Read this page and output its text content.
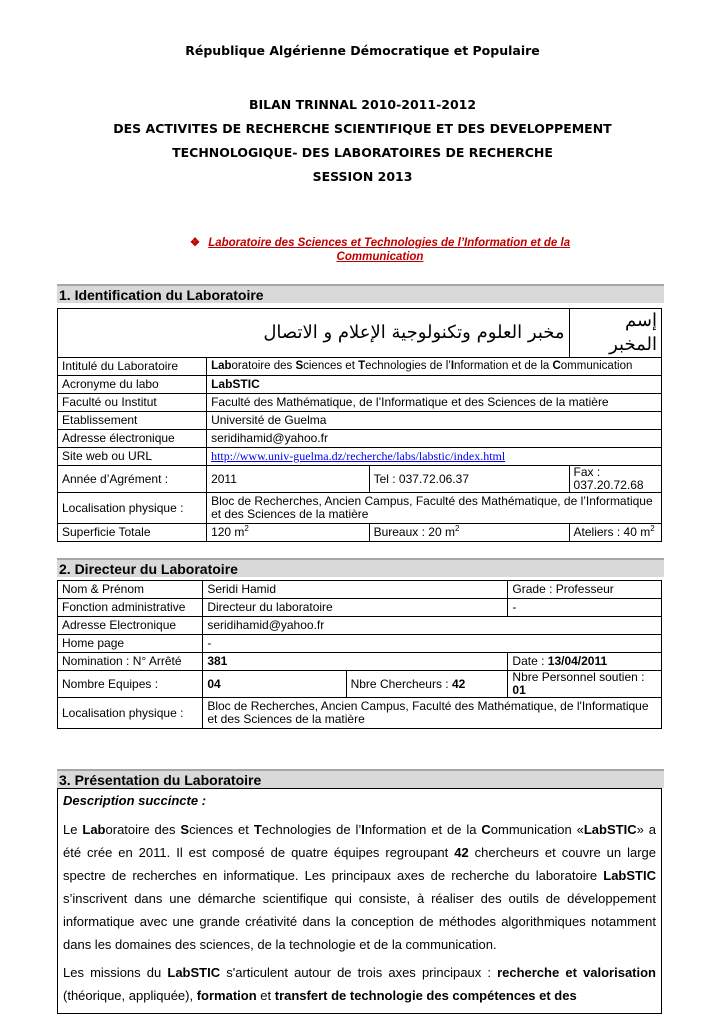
République Algérienne Démocratique et Populaire
BILAN TRINNAL 2010-2011-2012
DES ACTIVITES DE RECHERCHE SCIENTIFIQUE ET DES DEVELOPPEMENT
TECHNOLOGIQUE- DES LABORATOIRES DE RECHERCHE
SESSION 2013
❖ Laboratoire des Sciences et Technologies de l’Information et de la Communication
1. Identification du Laboratoire
مخبر العلوم وتكنولوجية الإعلام و الاتصال			إسم المخبر
Intitulé du Laboratoire	Laboratoire des Sciences et Technologies de l’Information et de la Communication		
Acronyme du labo	LabSTIC		
Faculté ou Institut	Faculté des Mathématique, de l’Informatique et des Sciences de la matière		
Etablissement	Université de Guelma		
Adresse électronique	seridihamid@yahoo.fr		
Site web ou URL	http://www.univ-guelma.dz/recherche/labs/labstic/index.html		
Année d’Agrément :	2011	Tel : 037.72.06.37	Fax : 037.20.72.68
Localisation physique :	Bloc de Recherches, Ancien Campus, Faculté des Mathématique, de l’Informatique et des Sciences de la matière		
Superficie Totale	120 $m^2$	Bureaux : 20 $m^2$	Ateliers : 40 $m^2$
2. Directeur du Laboratoire
Nom & Prénom	Seridi Hamid		Grade : Professeur
Fonction administrative	Directeur du laboratoire		-
Adresse Electronique	seridihamid@yahoo.fr		
Home page	-		
Nomination : N° Arrêté	381		Date : 13/04/2011
Nombre Equipes :	04	Nbre Chercheurs : 42	Nbre Personnel soutien : 01
Localisation physique :	Bloc de Recherches, Ancien Campus, Faculté des Mathématique, de l'Informatique et des Sciences de la matière		
3. Présentation du Laboratoire
Description succincte :

Le Laboratoire des Sciences et Technologies de l’Information et de la Communication «LabSTIC» a été crée en 2011. Il est composé de quatre équipes regroupant 42 chercheurs et couvre un large spectre de recherches en informatique. Les principaux axes de recherche du laboratoire LabSTIC s’inscrivent dans une démarche scientifique qui consiste, à réaliser des outils de développement informatique avec une grande créativité dans la conception de méthodes algorithmiques notamment dans les domaines des sciences, de la technologie et de la communication.

Les missions du LabSTIC s'articulent autour de trois axes principaux : recherche et valorisation (théorique, appliquée), formation et transfert de technologie des compétences et des
